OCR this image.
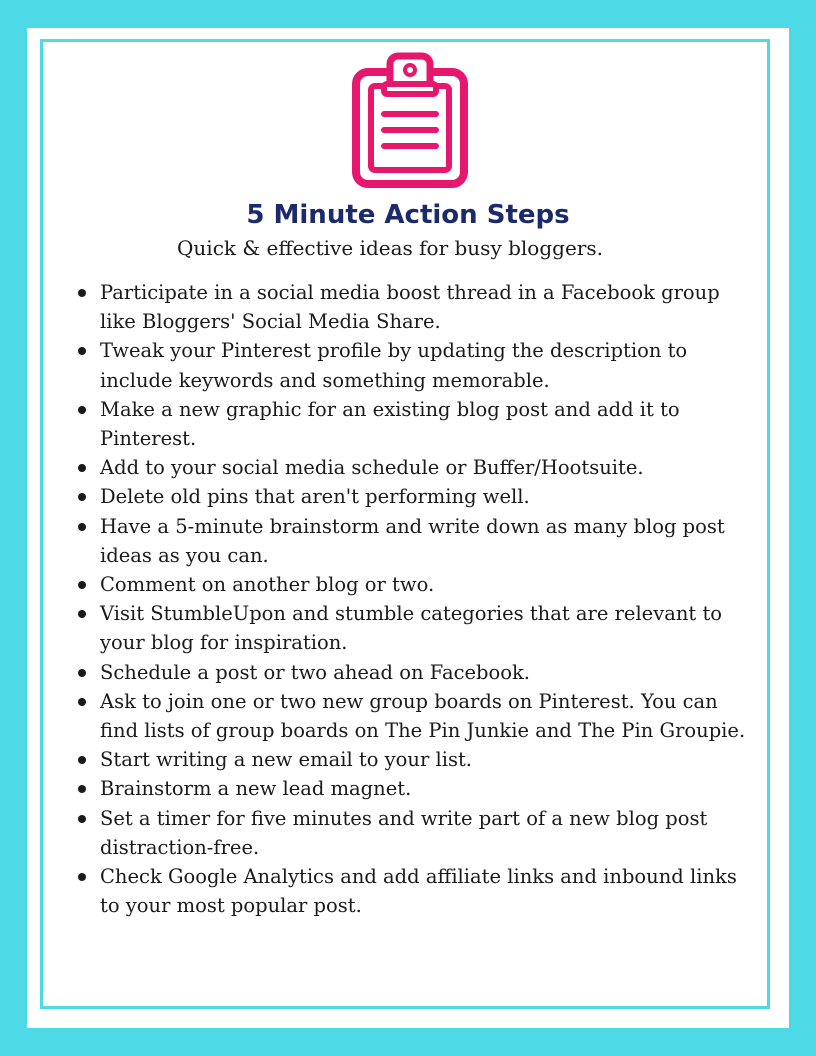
5 Minute Action Steps
Quick & effective ideas for busy bloggers.
Participate in a social media boost thread in a Facebook group like Bloggers' Social Media Share.
Tweak your Pinterest profile by updating the description to include keywords and something memorable.
Make a new graphic for an existing blog post and add it to Pinterest.
Add to your social media schedule or Buffer/Hootsuite.
Delete old pins that aren't performing well.
Have a 5-minute brainstorm and write down as many blog post ideas as you can.
Comment on another blog or two.
Visit StumbleUpon and stumble categories that are relevant to your blog for inspiration.
Schedule a post or two ahead on Facebook.
Ask to join one or two new group boards on Pinterest. You can find lists of group boards on The Pin Junkie and The Pin Groupie.
Start writing a new email to your list.
Brainstorm a new lead magnet.
Set a timer for five minutes and write part of a new blog post distraction-free.
Check Google Analytics and add affiliate links and inbound links to your most popular post.
